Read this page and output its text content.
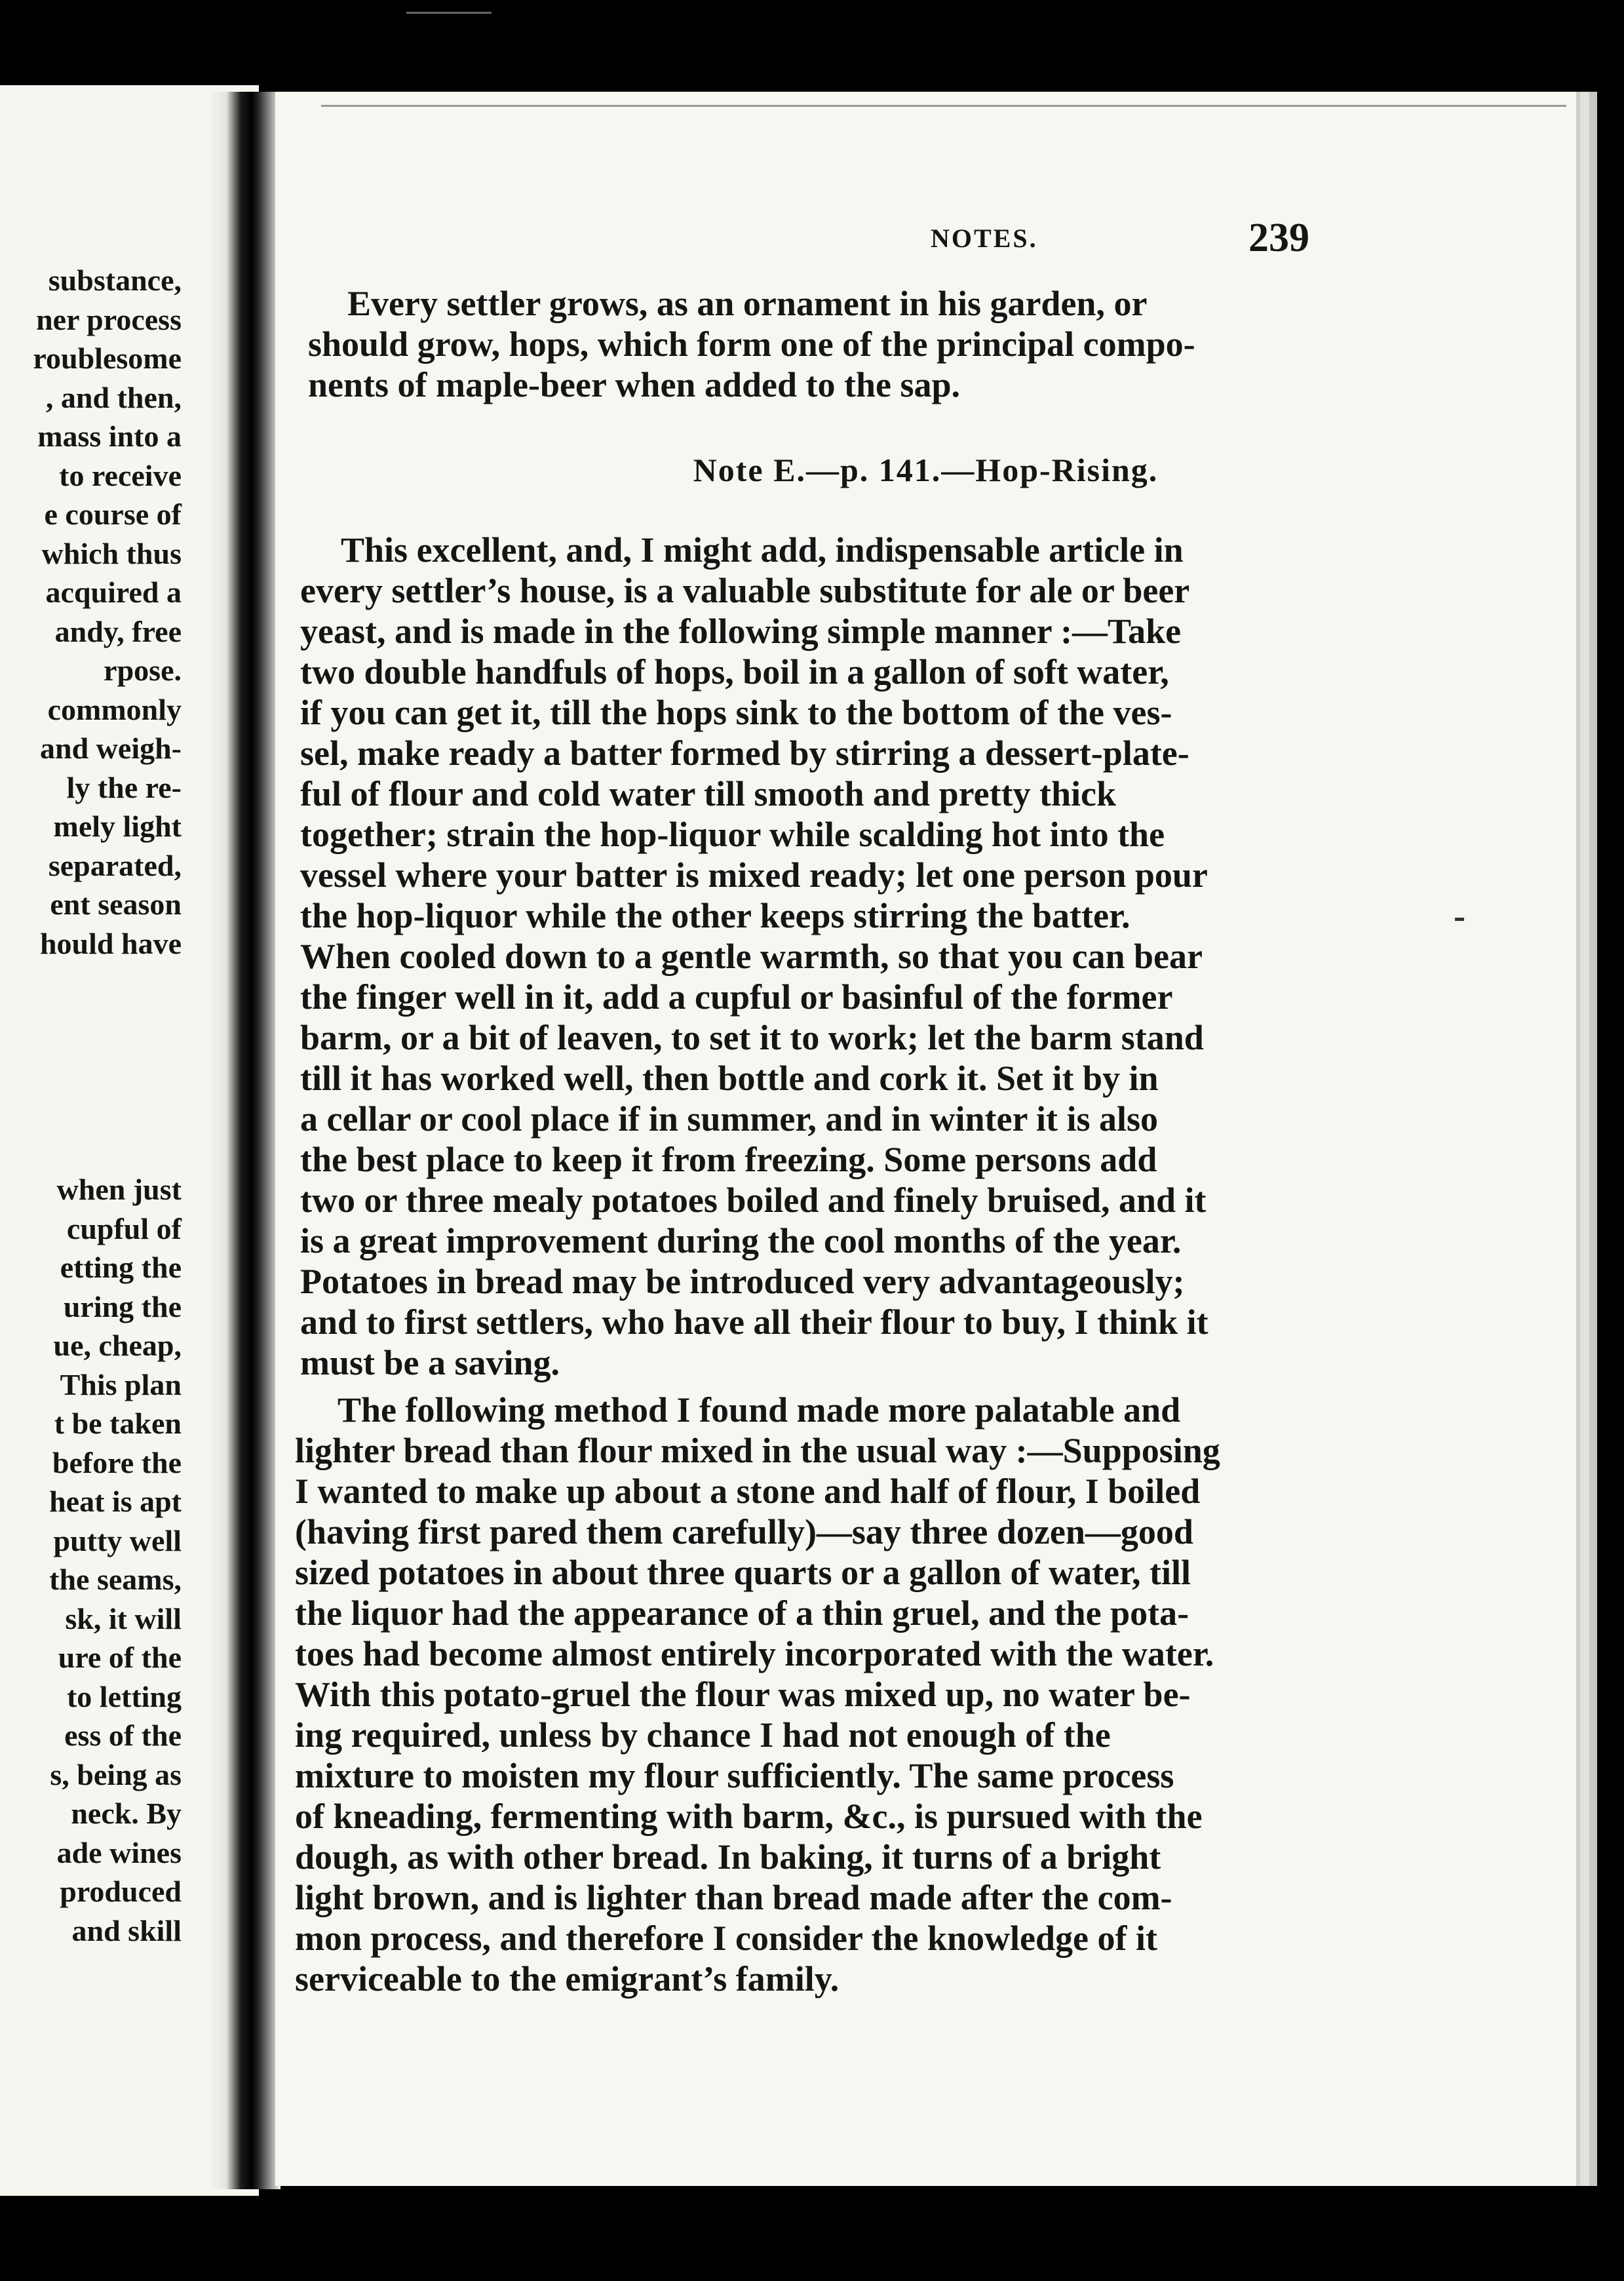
substance,
ner process
roublesome
, and then,
mass into a
to receive
e course of
which thus
acquired a
andy, free
rpose.
commonly
and weigh-
ly the re-
mely light
separated,
ent season
hould have
when just
cupful of
etting the
uring the
ue, cheap,
This plan
t be taken
before the
heat is apt
putty well
the seams,
sk, it will
ure of the
to letting
ess of the
s, being as
neck. By
ade wines
produced
and skill
NOTES.	239
Every settler grows, as an ornament in his garden, or
should grow, hops, which form one of the principal compo-
nents of maple-beer when added to the sap.
Note E.—p. 141.—Hop-Rising.
This excellent, and, I might add, indispensable article in
every settler’s house, is a valuable substitute for ale or beer
yeast, and is made in the following simple manner :—Take
two double handfuls of hops, boil in a gallon of soft water,
if you can get it, till the hops sink to the bottom of the ves-
sel, make ready a batter formed by stirring a dessert-plate-
ful of flour and cold water till smooth and pretty thick
together; strain the hop-liquor while scalding hot into the
vessel where your batter is mixed ready; let one person pour
the hop-liquor while the other keeps stirring the batter.
When cooled down to a gentle warmth, so that you can bear
the finger well in it, add a cupful or basinful of the former
barm, or a bit of leaven, to set it to work; let the barm stand
till it has worked well, then bottle and cork it. Set it by in
a cellar or cool place if in summer, and in winter it is also
the best place to keep it from freezing. Some persons add
two or three mealy potatoes boiled and finely bruised, and it
is a great improvement during the cool months of the year.
Potatoes in bread may be introduced very advantageously;
and to first settlers, who have all their flour to buy, I think it
must be a saving.
The following method I found made more palatable and
lighter bread than flour mixed in the usual way :—Supposing
I wanted to make up about a stone and half of flour, I boiled
(having first pared them carefully)—say three dozen—good
sized potatoes in about three quarts or a gallon of water, till
the liquor had the appearance of a thin gruel, and the pota-
toes had become almost entirely incorporated with the water.
With this potato-gruel the flour was mixed up, no water be-
ing required, unless by chance I had not enough of the
mixture to moisten my flour sufficiently. The same process
of kneading, fermenting with barm, &c., is pursued with the
dough, as with other bread. In baking, it turns of a bright
light brown, and is lighter than bread made after the com-
mon process, and therefore I consider the knowledge of it
serviceable to the emigrant’s family.
